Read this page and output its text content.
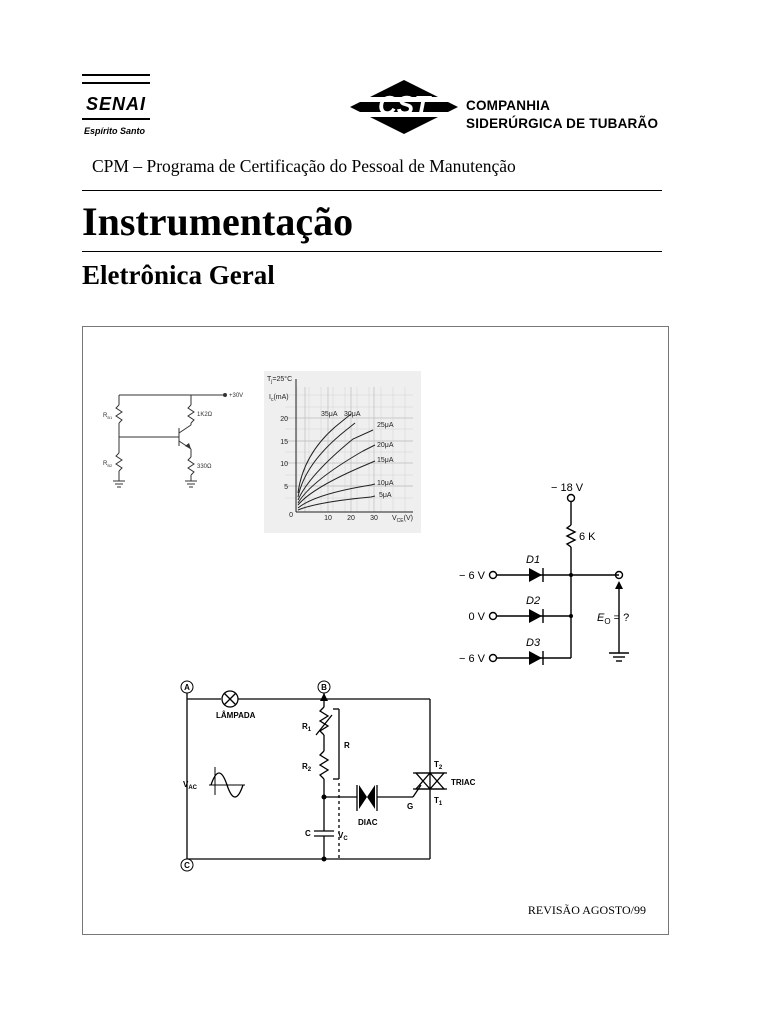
SENAI
Espírito Santo
CST	COMPANHIA
SIDERÚRGICA DE TUBARÃO
CPM – Programa de Certificação do Pessoal de Manutenção
Instrumentação
Eletrônica Geral
+30V
$R_{B1}$
$R_{B2}$
1K2Ω
330Ω
$T_j=25^\circ C$
$I_c(mA)$
$V_{CE}(V)$
20
15
10
5
0	10 20 30
35μA 30μA
25μA
20μA
15μA
10μA
5μA
− 18 V
6 K
− 6 V
0 V
− 6 V
D1
D2
D3
$E_O$ = ?
A	B
C
LÂMPADA
$R_1$
$R_2$
R
$V_{AC}$
C	$V_C$
DIAC
TRIAC
$T_2$
$T_1$
G
REVISÃO AGOSTO/99
